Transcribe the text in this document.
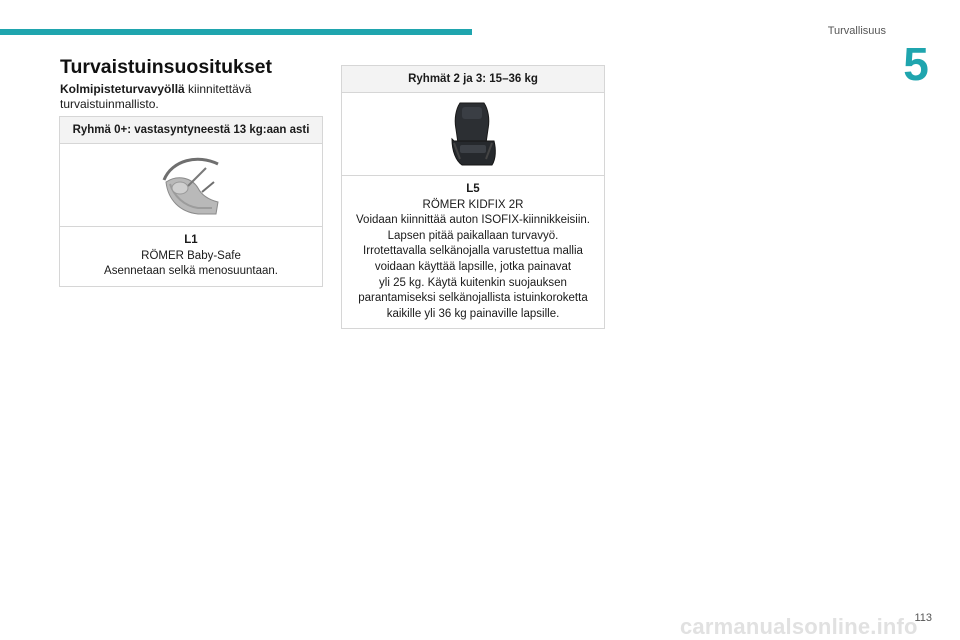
Turvallisuus
5
Turvaistuinsuositukset
Kolmipisteturvavyöllä kiinnitettävä turvaistuinmallisto.
Ryhmä 0+: vastasyntyneestä 13 kg:aan asti
L1
RÖMER Baby-Safe
Asennetaan selkä menosuuntaan.
Ryhmät 2 ja 3: 15–36 kg
L5
RÖMER KIDFIX 2R
Voidaan kiinnittää auton ISOFIX-kiinnikkeisiin.
Lapsen pitää paikallaan turvavyö.
Irrotettavalla selkänojalla varustettua mallia
voidaan käyttää lapsille, jotka painavat
yli 25 kg. Käytä kuitenkin suojauksen
parantamiseksi selkänojallista istuinkoroketta
kaikille yli 36 kg painaville lapsille.
carmanualsonline.info
113
